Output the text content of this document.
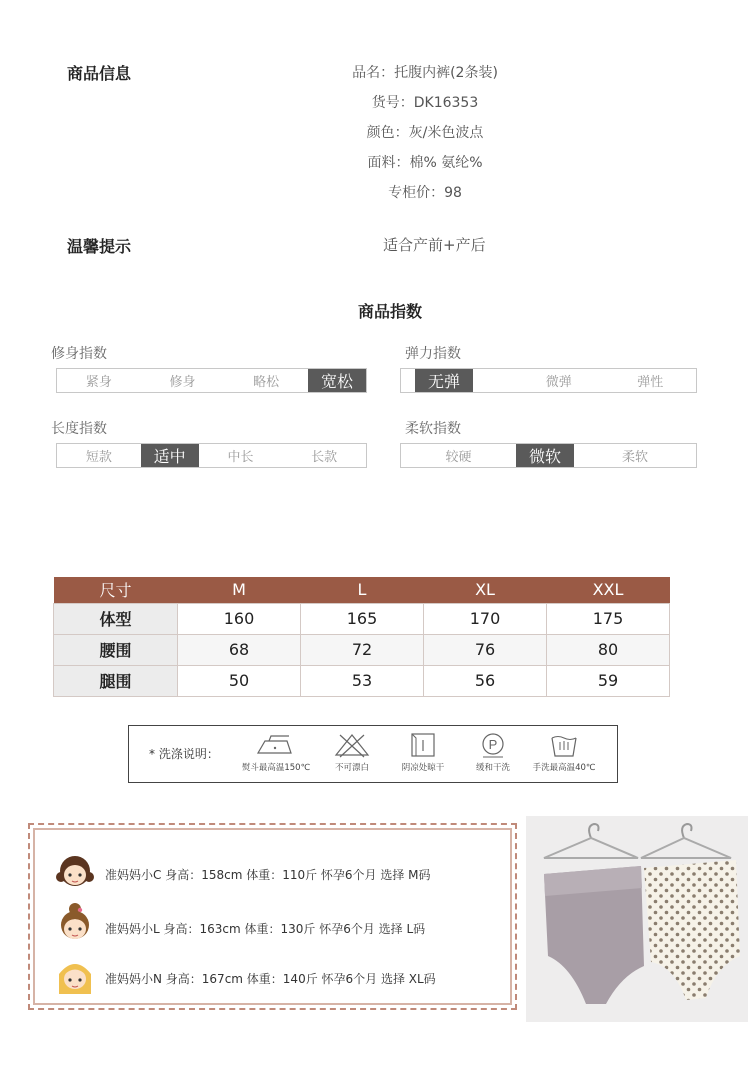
商品信息	品名：托腹内裤(2条装)
货号：DK16353
颜色：灰/米色波点
面料：棉% 氨纶%
专柜价：98
温馨提示	适合产前+产后
商品指数
修身指数
紧身	修身	略松	宽松
弹力指数
无弹	微弹	弹性
长度指数
短款	适中	中长	长款
柔软指数
较硬	微软	柔软
尺寸	M	L	XL	XXL
体型	160	165	170	175
腰围	68	72	76	80
腿围	50	53	56	59
* 洗涤说明：
熨斗最高温150℃	不可漂白	阴凉处晾干
P
缓和干洗	手洗最高温40℃
准妈妈小C 身高：158cm 体重：110斤 怀孕6个月 选择 M码
准妈妈小L 身高：163cm 体重：130斤 怀孕6个月 选择 L码
准妈妈小N 身高：167cm 体重：140斤 怀孕6个月 选择 XL码
